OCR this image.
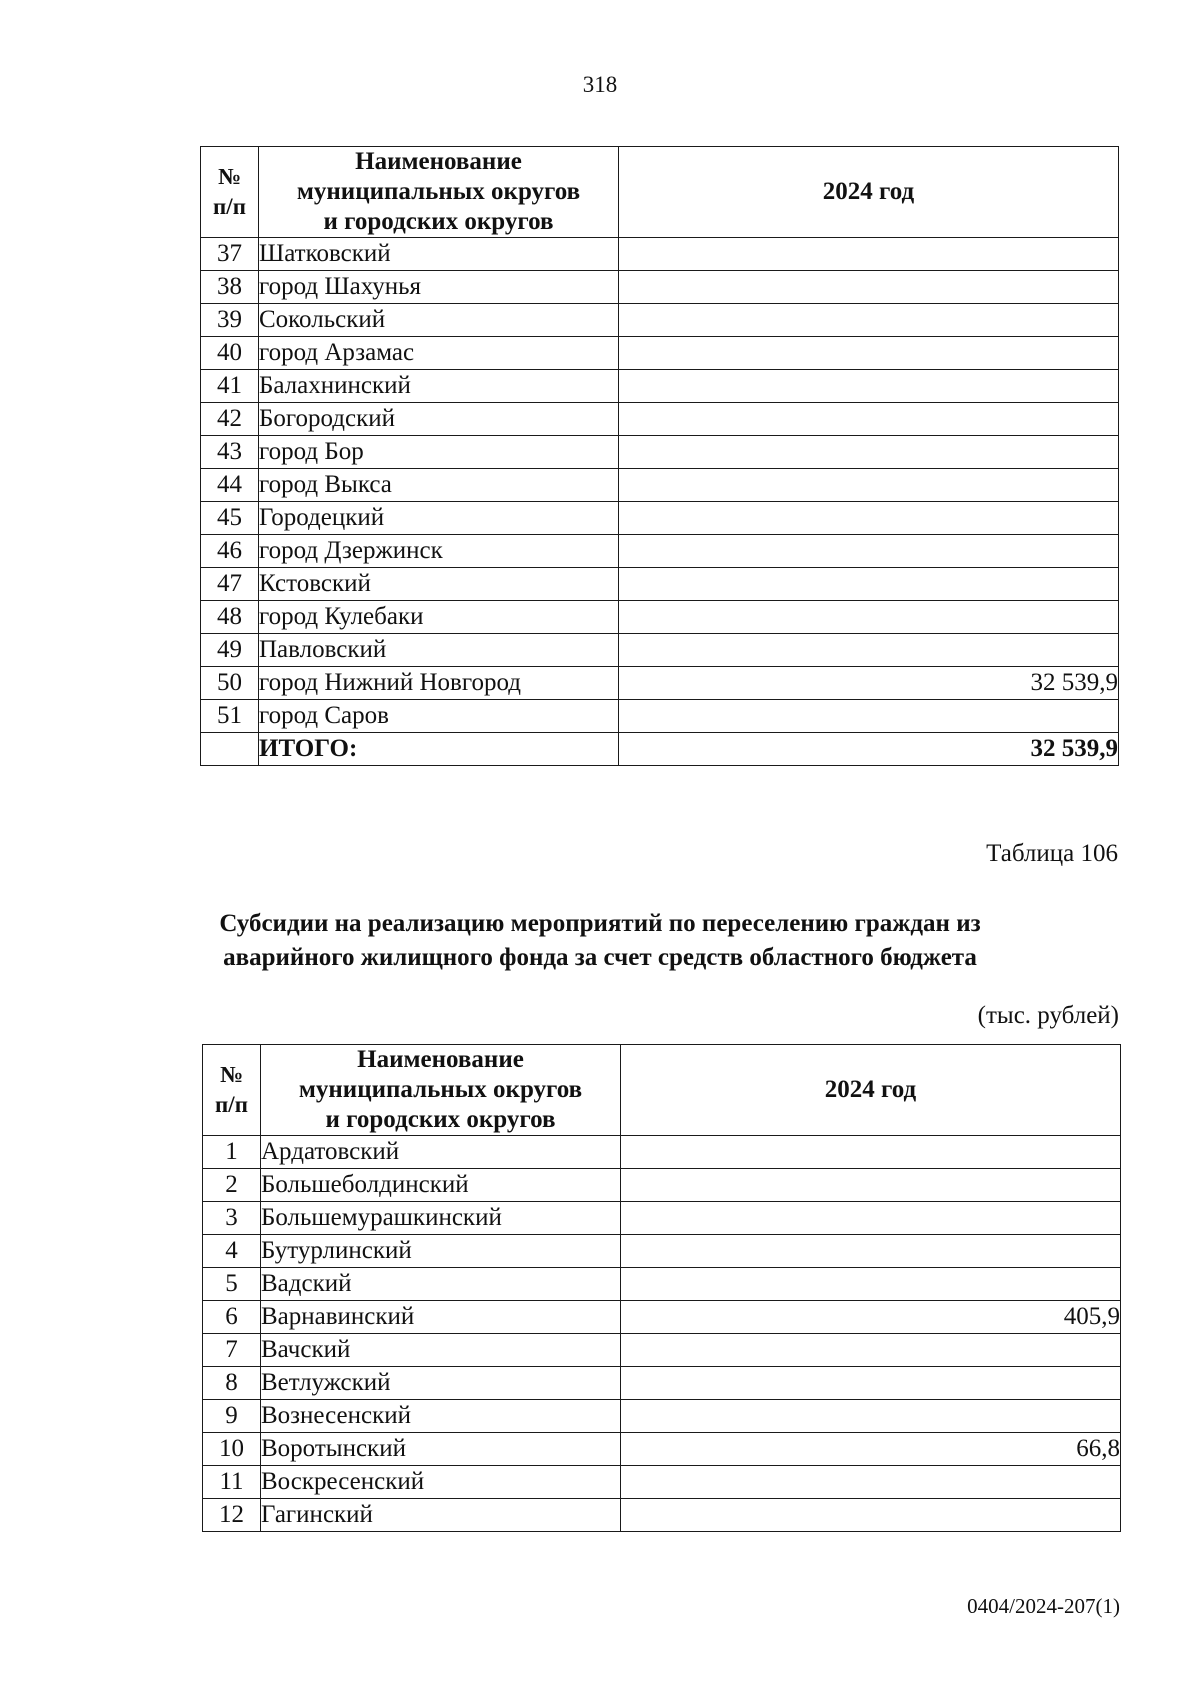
318
№
п/п	Наименование
муниципальных округов
и городских округов	2024 год
37	Шатковский	
38	город Шахунья	
39	Сокольский	
40	город Арзамас	
41	Балахнинский	
42	Богородский	
43	город Бор	
44	город Выкса	
45	Городецкий	
46	город Дзержинск	
47	Кстовский	
48	город Кулебаки	
49	Павловский	
50	город Нижний Новгород	32 539,9
51	город Саров	
	ИТОГО:	32 539,9
Таблица 106
Субсидии на реализацию мероприятий по переселению граждан из
аварийного жилищного фонда за счет средств областного бюджета
(тыс. рублей)
№
п/п	Наименование
муниципальных округов
и городских округов	2024 год
1	Ардатовский	
2	Большеболдинский	
3	Большемурашкинский	
4	Бутурлинский	
5	Вадский	
6	Варнавинский	405,9
7	Вачский	
8	Ветлужский	
9	Вознесенский	
10	Воротынский	66,8
11	Воскресенский	
12	Гагинский	
0404/2024-207(1)
